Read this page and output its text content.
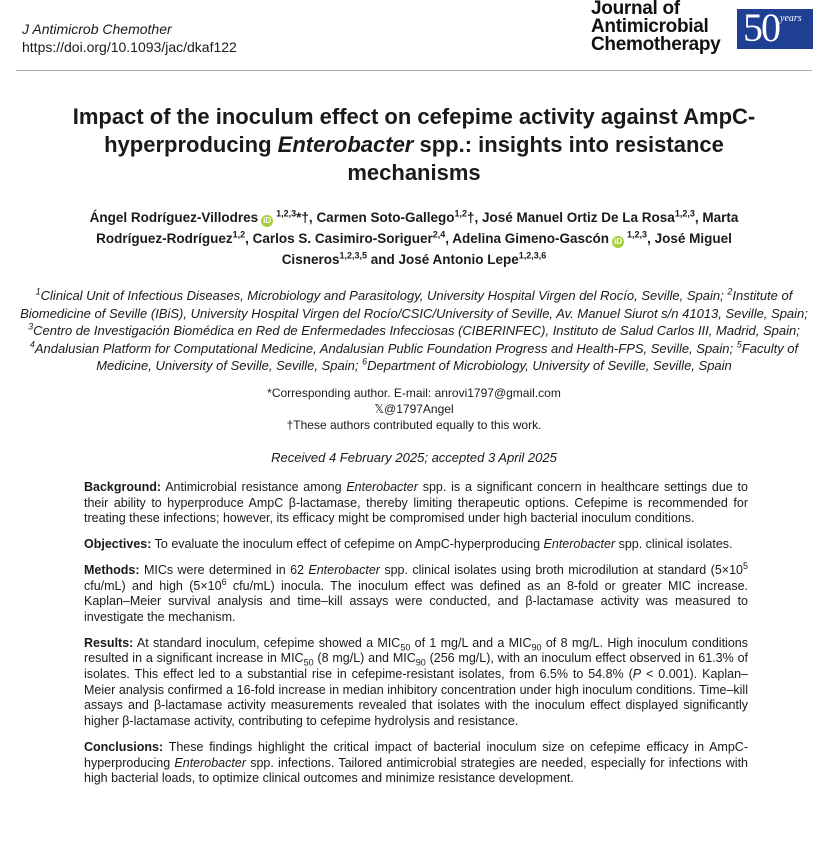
J Antimicrob Chemother
https://doi.org/10.1093/jac/dkaf122
Journal of
Antimicrobial
Chemotherapy 50 years
Impact of the inoculum effect on cefepime activity against AmpC-hyperproducing Enterobacter spp.: insights into resistance mechanisms
Ángel Rodríguez-Villodres iD$^{1,2,3}$*†, Carmen Soto-Gallego$^{1,2}$†, José Manuel Ortiz De La Rosa$^{1,2,3}$, Marta Rodríguez-Rodríguez$^{1,2}$, Carlos S. Casimiro-Soriguer$^{2,4}$, Adelina Gimeno-Gascón iD$^{1,2,3}$, José Miguel Cisneros$^{1,2,3,5}$ and José Antonio Lepe$^{1,2,3,6}$
$^1$Clinical Unit of Infectious Diseases, Microbiology and Parasitology, University Hospital Virgen del Rocío, Seville, Spain; $^2$Institute of Biomedicine of Seville (IBiS), University Hospital Virgen del Rocío/CSIC/University of Seville, Av. Manuel Siurot s/n 41013, Seville, Spain; $^3$Centro de Investigación Biomédica en Red de Enfermedades Infecciosas (CIBERINFEC), Instituto de Salud Carlos III, Madrid, Spain; $^4$Andalusian Platform for Computational Medicine, Andalusian Public Foundation Progress and Health-FPS, Seville, Spain; $^5$Faculty of Medicine, University of Seville, Seville, Spain; $^6$Department of Microbiology, University of Seville, Seville, Spain
*Corresponding author. E-mail: anrovi1797@gmail.com
𝕏@1797Angel
†These authors contributed equally to this work.
Received 4 February 2025; accepted 3 April 2025

Background: Antimicrobial resistance among Enterobacter spp. is a significant concern in healthcare settings due to their ability to hyperproduce AmpC β-lactamase, thereby limiting therapeutic options. Cefepime is recommended for treating these infections; however, its efficacy might be compromised under high bacterial inoculum conditions.

Objectives: To evaluate the inoculum effect of cefepime on AmpC-hyperproducing Enterobacter spp. clinical isolates.

Methods: MICs were determined in 62 Enterobacter spp. clinical isolates using broth microdilution at standard ($5\times 10^5$ cfu/mL) and high ($5\times 10^6$ cfu/mL) inocula. The inoculum effect was defined as an 8-fold or greater MIC increase. Kaplan–Meier survival analysis and time–kill assays were conducted, and β-lactamase activity was measured to investigate the mechanism.

Results: At standard inoculum, cefepime showed a $MIC_{50}$ of 1 mg/L and a $MIC_{90}$ of 8 mg/L. High inoculum conditions resulted in a significant increase in $MIC_{50}$ (8 mg/L) and $MIC_{90}$ (256 mg/L), with an inoculum effect observed in 61.3% of isolates. This effect led to a substantial rise in cefepime-resistant isolates, from 6.5% to 54.8% (P < 0.001). Kaplan–Meier analysis confirmed a 16-fold increase in median inhibitory concentration under high inoculum conditions. Time–kill assays and β-lactamase activity measurements revealed that isolates with the inoculum effect displayed significantly higher β-lactamase activity, contributing to cefepime hydrolysis and resistance.

Conclusions: These findings highlight the critical impact of bacterial inoculum size on cefepime efficacy in AmpC-hyperproducing Enterobacter spp. infections. Tailored antimicrobial strategies are needed, especially for infections with high bacterial loads, to optimize clinical outcomes and minimize resistance development.
